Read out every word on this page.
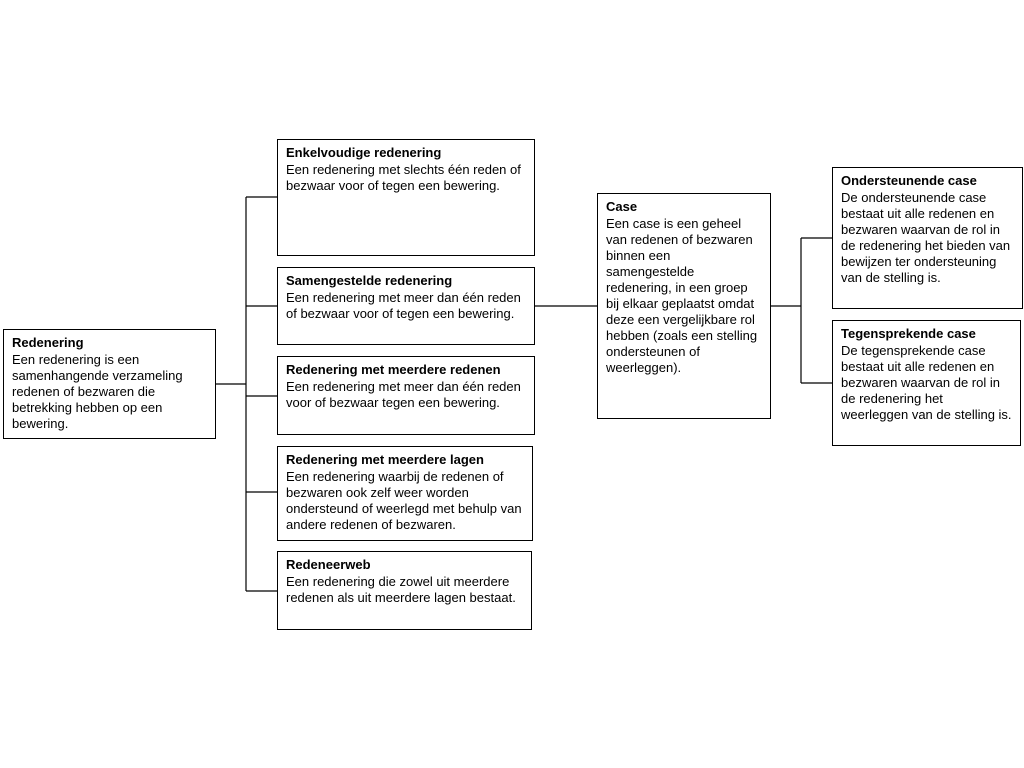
Redenering
Een redenering is een samenhangende verzameling redenen of bezwaren die betrekking hebben op een bewering.
Enkelvoudige redenering
Een redenering met slechts één reden of bezwaar voor of tegen een bewering.
Samengestelde redenering
Een redenering met meer dan één reden of bezwaar voor of tegen een bewering.
Redenering met meerdere redenen
Een redenering met meer dan één reden voor of bezwaar tegen een bewering.
Redenering met meerdere lagen
Een redenering waarbij de redenen of bezwaren ook zelf weer worden ondersteund of weerlegd met behulp van andere redenen of bezwaren.
Redeneerweb
Een redenering die zowel uit meerdere redenen als uit meerdere lagen bestaat.
Case
Een case is een geheel van redenen of bezwaren binnen een samengestelde redenering, in een groep bij elkaar geplaatst omdat deze een vergelijkbare rol hebben (zoals een stelling ondersteunen of weerleggen).
Ondersteunende case
De ondersteunende case bestaat uit alle redenen en bezwaren waarvan de rol in de redenering het bieden van bewijzen ter ondersteuning van de stelling is.
Tegensprekende case
De tegensprekende case bestaat uit alle redenen en bezwaren waarvan de rol in de redenering het weerleggen van de stelling is.
